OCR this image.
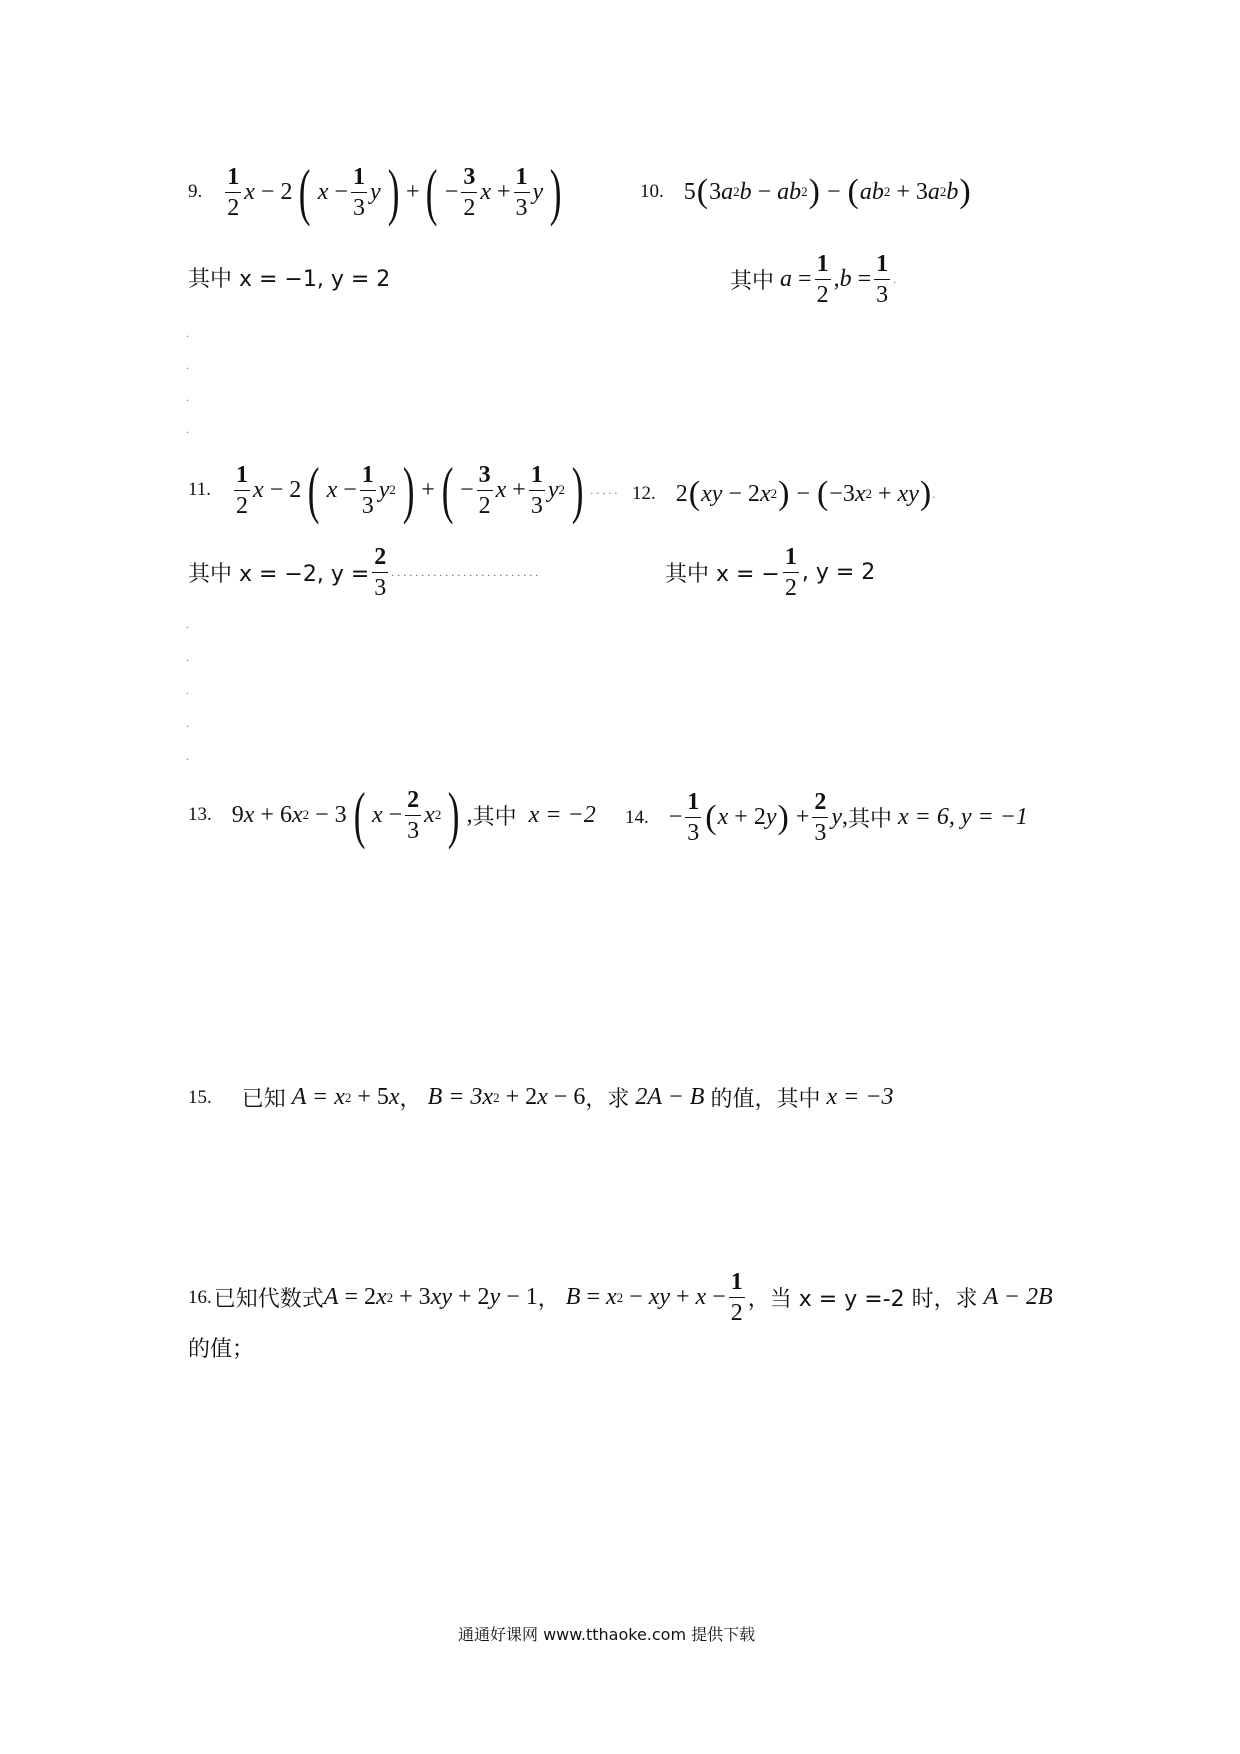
9. $\frac{1}{2}$ x − 2 ( $x - \frac{1}{3}$ y ) + ( − $\frac{3}{2}$ $x + \frac{1}{3}$ y )
其中 x = −1, y = 2
10. 5 ( 3 a 2 b − ab 2 ) − ( ab 2 + 3 a 2 b )
其中
$a = \frac{1}{2}$ , $b = \frac{1}{3}$ .
.
.
.
.
11. $\frac{1}{2}$ x − 2 ( $x - \frac{1}{3}$ y 2 ) + ( − $\frac{3}{2}$ $x + \frac{1}{3}$ y 2 ) ..... 12. 2 ( xy − 2 x 2 ) − ( −3 x 2 + xy ) .
其中 x = −2, $y = \frac{2}{3}$ .........................	其中 x = − $\frac{1}{2}$ , y = 2
.
.
.
.
.
13. 9 x + 6 x 2 − 3 ( $x - \frac{2}{3}$ x 2 ) , 其中
x = −2 14. − $\frac{1}{3}$ ( x + 2 y ) + $\frac{2}{3}$ y , 其中
x = 6, y = −1
15. 已知
A = x 2 + 5 x ，
B = 3x 2 + 2 x − 6 ， 求
2A − B
的值，其中
x = −3
16. 已知代数式 A = 2 x 2 + 3 xy + 2 y − 1 ，
B = x 2 − xy + $x - \frac{1}{2}$ ， 当 x = y =-2 时，求
A − 2B
的值；
通通好课网 www.tthaoke.com 提供下载
